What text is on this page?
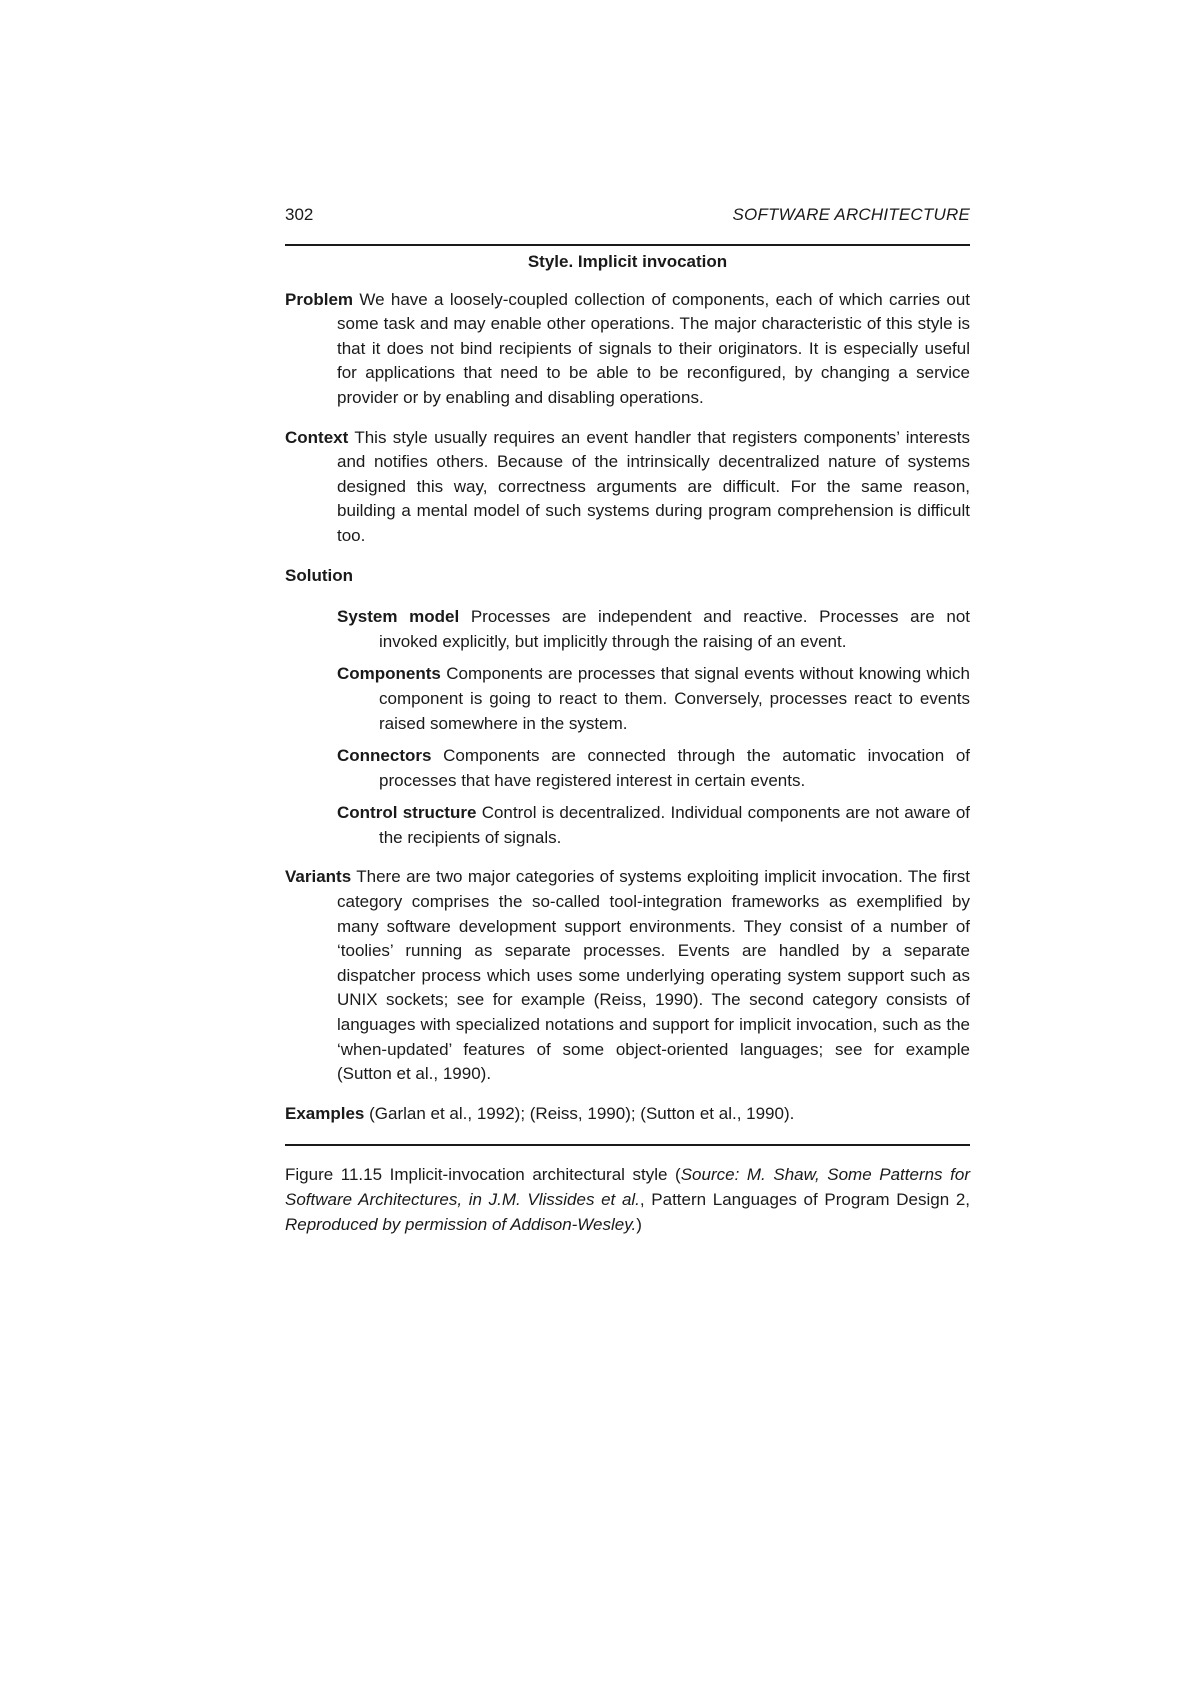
302	SOFTWARE ARCHITECTURE
Style. Implicit invocation

Problem We have a loosely-coupled collection of components, each of which carries out some task and may enable other operations. The major characteristic of this style is that it does not bind recipients of signals to their originators. It is especially useful for applications that need to be able to be reconfigured, by changing a service provider or by enabling and disabling operations.

Context This style usually requires an event handler that registers components’ interests and notifies others. Because of the intrinsically decentralized nature of systems designed this way, correctness arguments are difficult. For the same reason, building a mental model of such systems during program comprehension is difficult too.

Solution

System model Processes are independent and reactive. Processes are not invoked explicitly, but implicitly through the raising of an event.

Components Components are processes that signal events without knowing which component is going to react to them. Conversely, processes react to events raised somewhere in the system.

Connectors Components are connected through the automatic invocation of processes that have registered interest in certain events.

Control structure Control is decentralized. Individual components are not aware of the recipients of signals.

Variants There are two major categories of systems exploiting implicit invocation. The first category comprises the so-called tool-integration frameworks as exemplified by many software development support environments. They consist of a number of ‘toolies’ running as separate processes. Events are handled by a separate dispatcher process which uses some underlying operating system support such as UNIX sockets; see for example (Reiss, 1990). The second category consists of languages with specialized notations and support for implicit invocation, such as the ‘when-updated’ features of some object-oriented languages; see for example (Sutton et al., 1990).

Examples (Garlan et al., 1992); (Reiss, 1990); (Sutton et al., 1990).

Figure 11.15 Implicit-invocation architectural style (Source: M. Shaw, Some Patterns for Software Architectures, in J.M. Vlissides et al., Pattern Languages of Program Design 2, Reproduced by permission of Addison-Wesley.)
